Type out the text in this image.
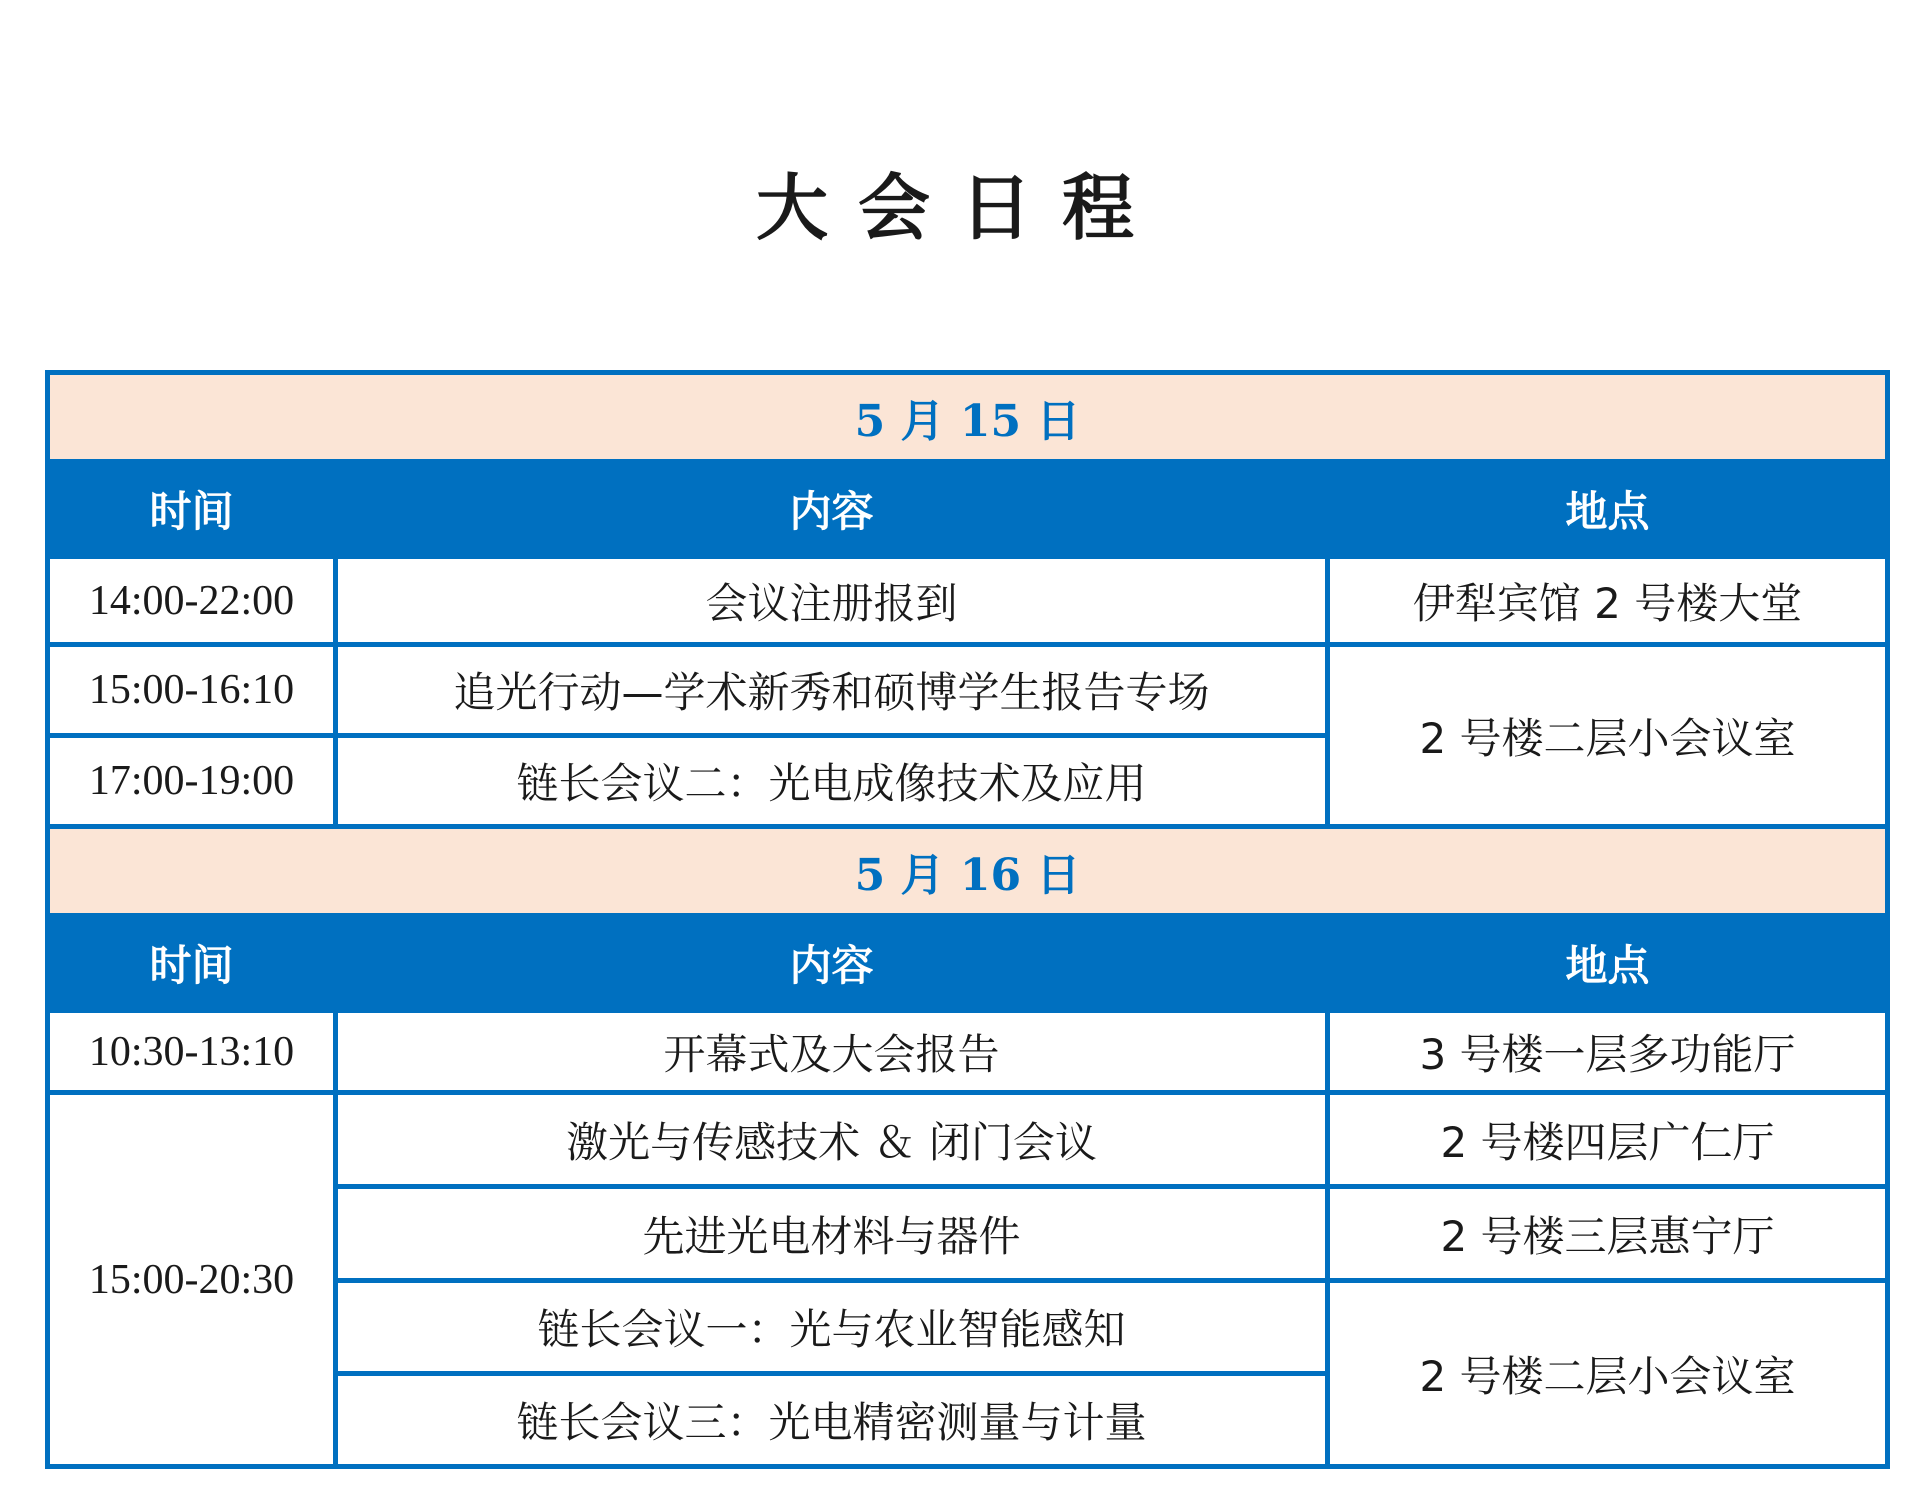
大会日程
5 月 15 日		
时间	内容	地点
14:00-22:00	会议注册报到	伊犁宾馆 2 号楼大堂
15:00-16:10	追光行动—学术新秀和硕博学生报告专场	2 号楼二层小会议室
17:00-19:00	链长会议二：光电成像技术及应用	
5 月 16 日		
时间	内容	地点
10:30-13:10	开幕式及大会报告	3 号楼一层多功能厅
15:00-20:30	激光与传感技术 ＆ 闭门会议	2 号楼四层广仁厅
	先进光电材料与器件	2 号楼三层惠宁厅
	链长会议一：光与农业智能感知	2 号楼二层小会议室
	链长会议三：光电精密测量与计量	
